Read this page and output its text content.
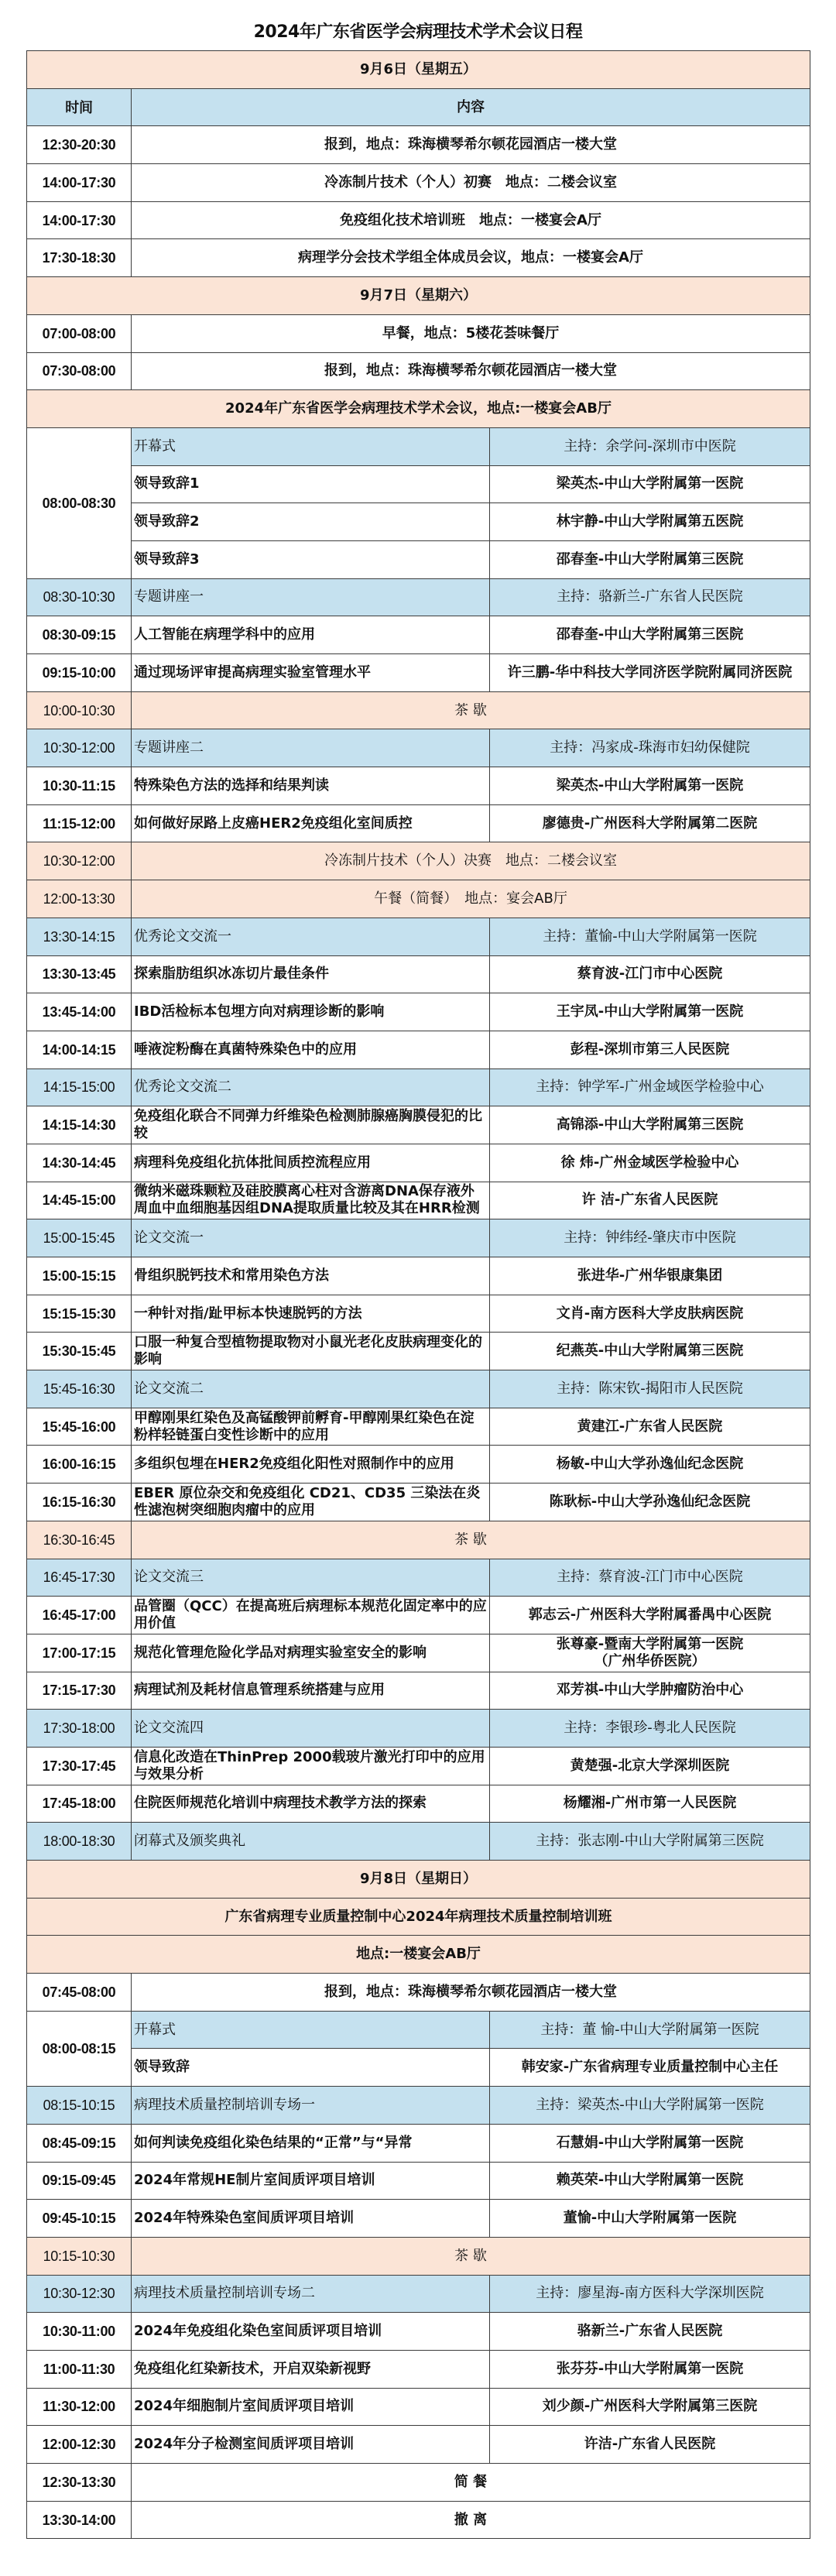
2024年广东省医学会病理技术学术会议日程
9月6日（星期五）		
时间	内容	
12:30-20:30	报到，地点：珠海横琴希尔顿花园酒店一楼大堂	
14:00-17:30	冷冻制片技术（个人）初赛　地点：二楼会议室	
14:00-17:30	免疫组化技术培训班　地点：一楼宴会A厅	
17:30-18:30	病理学分会技术学组全体成员会议，地点：一楼宴会A厅	
9月7日（星期六）		
07:00-08:00	早餐，地点：5楼花荟味餐厅	
07:30-08:00	报到，地点：珠海横琴希尔顿花园酒店一楼大堂	
2024年广东省医学会病理技术学术会议，地点:一楼宴会AB厅		
08:00-08:30	开幕式	主持：余学问-深圳市中医院
	领导致辞1	梁英杰-中山大学附属第一医院
	领导致辞2	林宇静-中山大学附属第五医院
	领导致辞3	邵春奎-中山大学附属第三医院
08:30-10:30	专题讲座一	主持：骆新兰-广东省人民医院
08:30-09:15	人工智能在病理学科中的应用	邵春奎-中山大学附属第三医院
09:15-10:00	通过现场评审提高病理实验室管理水平	许三鹏-华中科技大学同济医学院附属同济医院
10:00-10:30	茶 歇	
10:30-12:00	专题讲座二	主持：冯家成-珠海市妇幼保健院
10:30-11:15	特殊染色方法的选择和结果判读	梁英杰-中山大学附属第一医院
11:15-12:00	如何做好尿路上皮癌HER2免疫组化室间质控	廖德贵-广州医科大学附属第二医院
10:30-12:00	冷冻制片技术（个人）决赛　地点：二楼会议室	
12:00-13:30	午餐（简餐）　地点：宴会AB厅	
13:30-14:15	优秀论文交流一	主持：董愉-中山大学附属第一医院
13:30-13:45	探索脂肪组织冰冻切片最佳条件	蔡育波-江门市中心医院
13:45-14:00	IBD活检标本包埋方向对病理诊断的影响	王宇凤-中山大学附属第一医院
14:00-14:15	唾液淀粉酶在真菌特殊染色中的应用	彭程-深圳市第三人民医院
14:15-15:00	优秀论文交流二	主持：钟学军-广州金域医学检验中心
14:15-14:30	免疫组化联合不同弹力纤维染色检测肺腺癌胸膜侵犯的比较	高锦添-中山大学附属第三医院
14:30-14:45	病理科免疫组化抗体批间质控流程应用	徐 炜-广州金域医学检验中心
14:45-15:00	微纳米磁珠颗粒及硅胶膜离心柱对含游离DNA保存液外周血中血细胞基因组DNA提取质量比较及其在HRR检测	许 洁-广东省人民医院
15:00-15:45	论文交流一	主持：钟纬经-肇庆市中医院
15:00-15:15	骨组织脱钙技术和常用染色方法	张进华-广州华银康集团
15:15-15:30	一种针对指/趾甲标本快速脱钙的方法	文肖-南方医科大学皮肤病医院
15:30-15:45	口服一种复合型植物提取物对小鼠光老化皮肤病理变化的影响	纪燕英-中山大学附属第三医院
15:45-16:30	论文交流二	主持：陈宋钦-揭阳市人民医院
15:45-16:00	甲醇刚果红染色及高锰酸钾前孵育-甲醇刚果红染色在淀粉样轻链蛋白变性诊断中的应用	黄建江-广东省人民医院
16:00-16:15	多组织包埋在HER2免疫组化阳性对照制作中的应用	杨敏-中山大学孙逸仙纪念医院
16:15-16:30	EBER 原位杂交和免疫组化 CD21、CD35 三染法在炎性滤泡树突细胞肉瘤中的应用	陈耿标-中山大学孙逸仙纪念医院
16:30-16:45	茶 歇	
16:45-17:30	论文交流三	主持：蔡育波-江门市中心医院
16:45-17:00	品管圈（QCC）在提高班后病理标本规范化固定率中的应用价值	郭志云-广州医科大学附属番禺中心医院
17:00-17:15	规范化管理危险化学品对病理实验室安全的影响	张尊豪-暨南大学附属第一医院
（广州华侨医院）

17:15-17:30	病理试剂及耗材信息管理系统搭建与应用	邓芳祺-中山大学肿瘤防治中心
17:30-18:00	论文交流四	主持：李银珍-粤北人民医院
17:30-17:45	信息化改造在ThinPrep 2000载玻片激光打印中的应用与效果分析	黄楚强-北京大学深圳医院
17:45-18:00	住院医师规范化培训中病理技术教学方法的探索	杨耀湘-广州市第一人民医院
18:00-18:30	闭幕式及颁奖典礼	主持：张志刚-中山大学附属第三医院
9月8日（星期日）		
广东省病理专业质量控制中心2024年病理技术质量控制培训班		
地点:一楼宴会AB厅		
07:45-08:00	报到，地点：珠海横琴希尔顿花园酒店一楼大堂	
08:00-08:15	开幕式	主持：董 愉-中山大学附属第一医院
	领导致辞	韩安家-广东省病理专业质量控制中心主任
08:15-10:15	病理技术质量控制培训专场一	主持：梁英杰-中山大学附属第一医院
08:45-09:15	如何判读免疫组化染色结果的“正常”与“异常	石慧娟-中山大学附属第一医院
09:15-09:45	2024年常规HE制片室间质评项目培训	赖英荣-中山大学附属第一医院
09:45-10:15	2024年特殊染色室间质评项目培训	董愉-中山大学附属第一医院
10:15-10:30	茶 歇	
10:30-12:30	病理技术质量控制培训专场二	主持：廖星海-南方医科大学深圳医院
10:30-11:00	2024年免疫组化染色室间质评项目培训	骆新兰-广东省人民医院
11:00-11:30	免疫组化红染新技术，开启双染新视野	张芬芬-中山大学附属第一医院
11:30-12:00	2024年细胞制片室间质评项目培训	刘少颜-广州医科大学附属第三医院
12:00-12:30	2024年分子检测室间质评项目培训	许洁-广东省人民医院
12:30-13:30	简 餐	
13:30-14:00	撤 离	
